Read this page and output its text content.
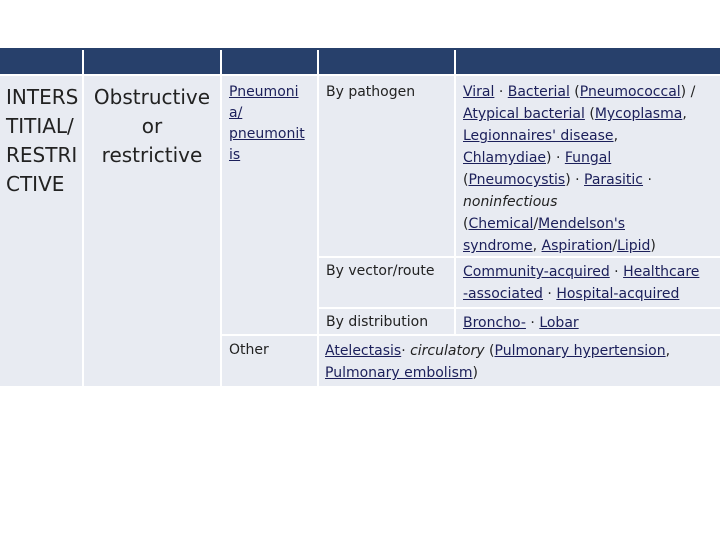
INTERS
TITIAL/
RESTRI
CTIVE
Obstructive
or
restrictive
Pneumoni
a/
pneumonit
is
Other
By pathogen
By vector/route
By distribution
Viral · Bacterial (Pneumococcal) /
Atypical bacterial (Mycoplasma,
Legionnaires' disease,
Chlamydiae) · Fungal
(Pneumocystis) · Parasitic ·
noninfectious
(Chemical/Mendelson's
syndrome, Aspiration/Lipid)
Community-acquired · Healthcare
-associated · Hospital-acquired
Broncho- · Lobar
Atelectasis· circulatory (Pulmonary hypertension,
Pulmonary embolism)
